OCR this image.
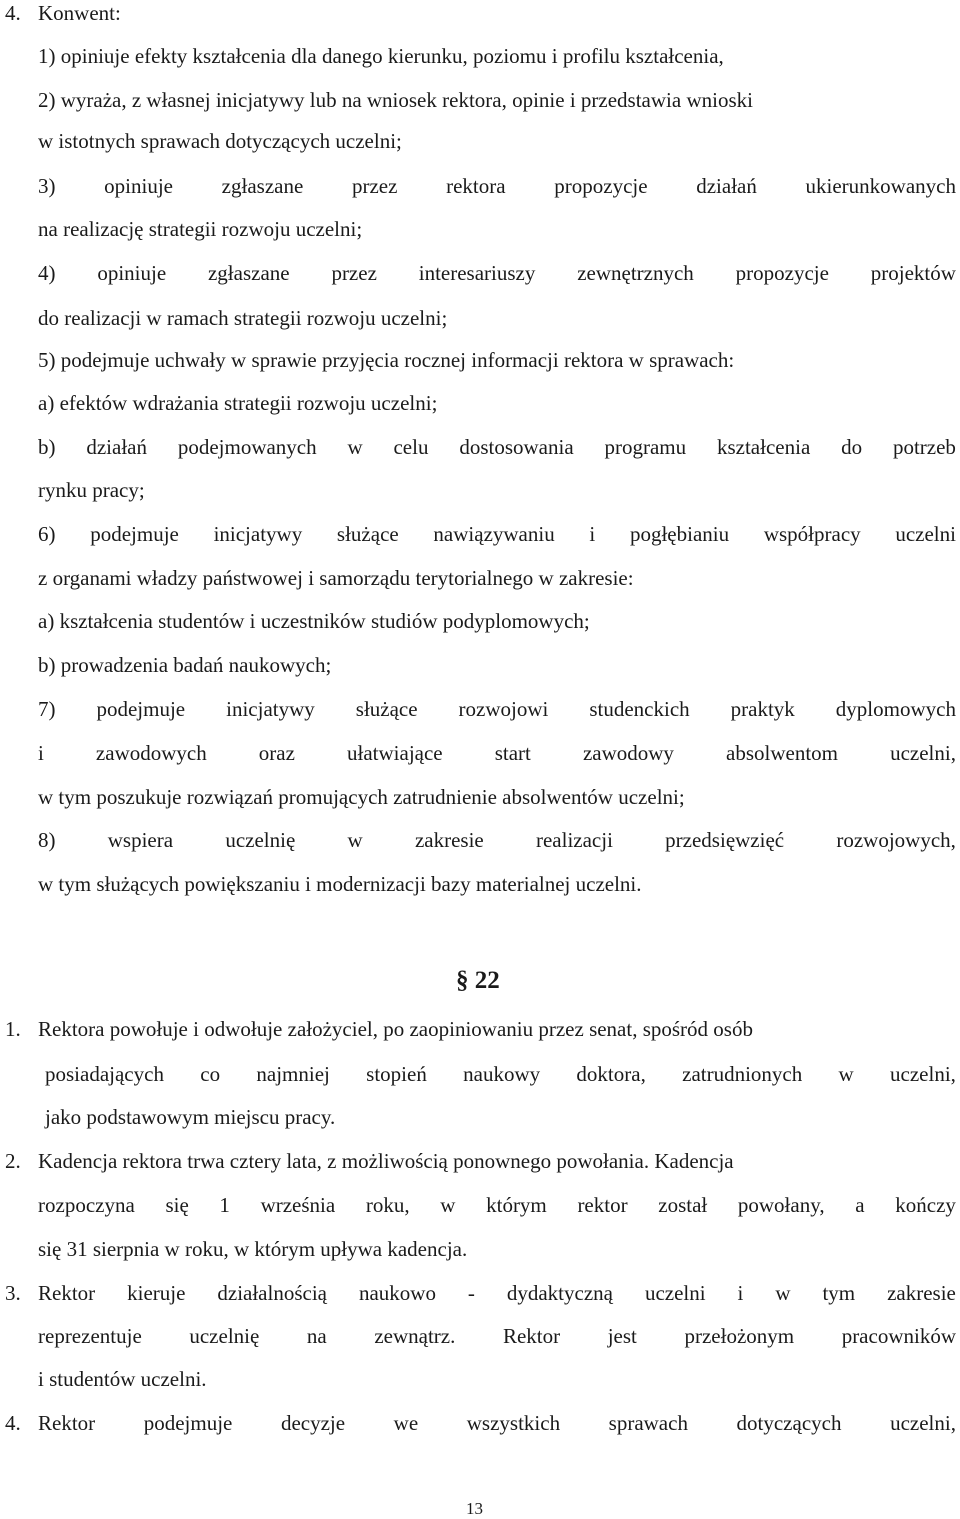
4. Konwent:
1) opiniuje efekty kształcenia dla danego kierunku, poziomu i profilu kształcenia,
2) wyraża, z własnej inicjatywy lub na wniosek rektora, opinie i przedstawia wnioski
w istotnych sprawach dotyczących uczelni;
3) opiniuje zgłaszane przez rektora propozycje działań ukierunkowanych
na realizację strategii rozwoju uczelni;
4) opiniuje zgłaszane przez interesariuszy zewnętrznych propozycje projektów
do realizacji w ramach strategii rozwoju uczelni;
5) podejmuje uchwały w sprawie przyjęcia rocznej informacji rektora w sprawach:
a) efektów wdrażania strategii rozwoju uczelni;
b) działań podejmowanych w celu dostosowania programu kształcenia do potrzeb
rynku pracy;
6) podejmuje inicjatywy służące nawiązywaniu i pogłębianiu współpracy uczelni
z organami władzy państwowej i samorządu terytorialnego w zakresie:
a) kształcenia studentów i uczestników studiów podyplomowych;
b) prowadzenia badań naukowych;
7) podejmuje inicjatywy służące rozwojowi studenckich praktyk dyplomowych
i zawodowych oraz ułatwiające start zawodowy absolwentom uczelni,
w tym poszukuje rozwiązań promujących zatrudnienie absolwentów uczelni;
8) wspiera uczelnię w zakresie realizacji przedsięwzięć rozwojowych,
w tym służących powiększaniu i modernizacji bazy materialnej uczelni.
§ 22
1. Rektora powołuje i odwołuje założyciel, po zaopiniowaniu przez senat, spośród osób
posiadających co najmniej stopień naukowy doktora, zatrudnionych w uczelni,
jako podstawowym miejscu pracy.
2. Kadencja rektora trwa cztery lata, z możliwością ponownego powołania. Kadencja
rozpoczyna się 1 września roku, w którym rektor został powołany, a kończy
się 31 sierpnia w roku, w którym upływa kadencja.
3. Rektor kieruje działalnością naukowo - dydaktyczną uczelni i w tym zakresie
reprezentuje uczelnię na zewnątrz. Rektor jest przełożonym pracowników
i studentów uczelni.
4. Rektor podejmuje decyzje we wszystkich sprawach dotyczących uczelni,
13
